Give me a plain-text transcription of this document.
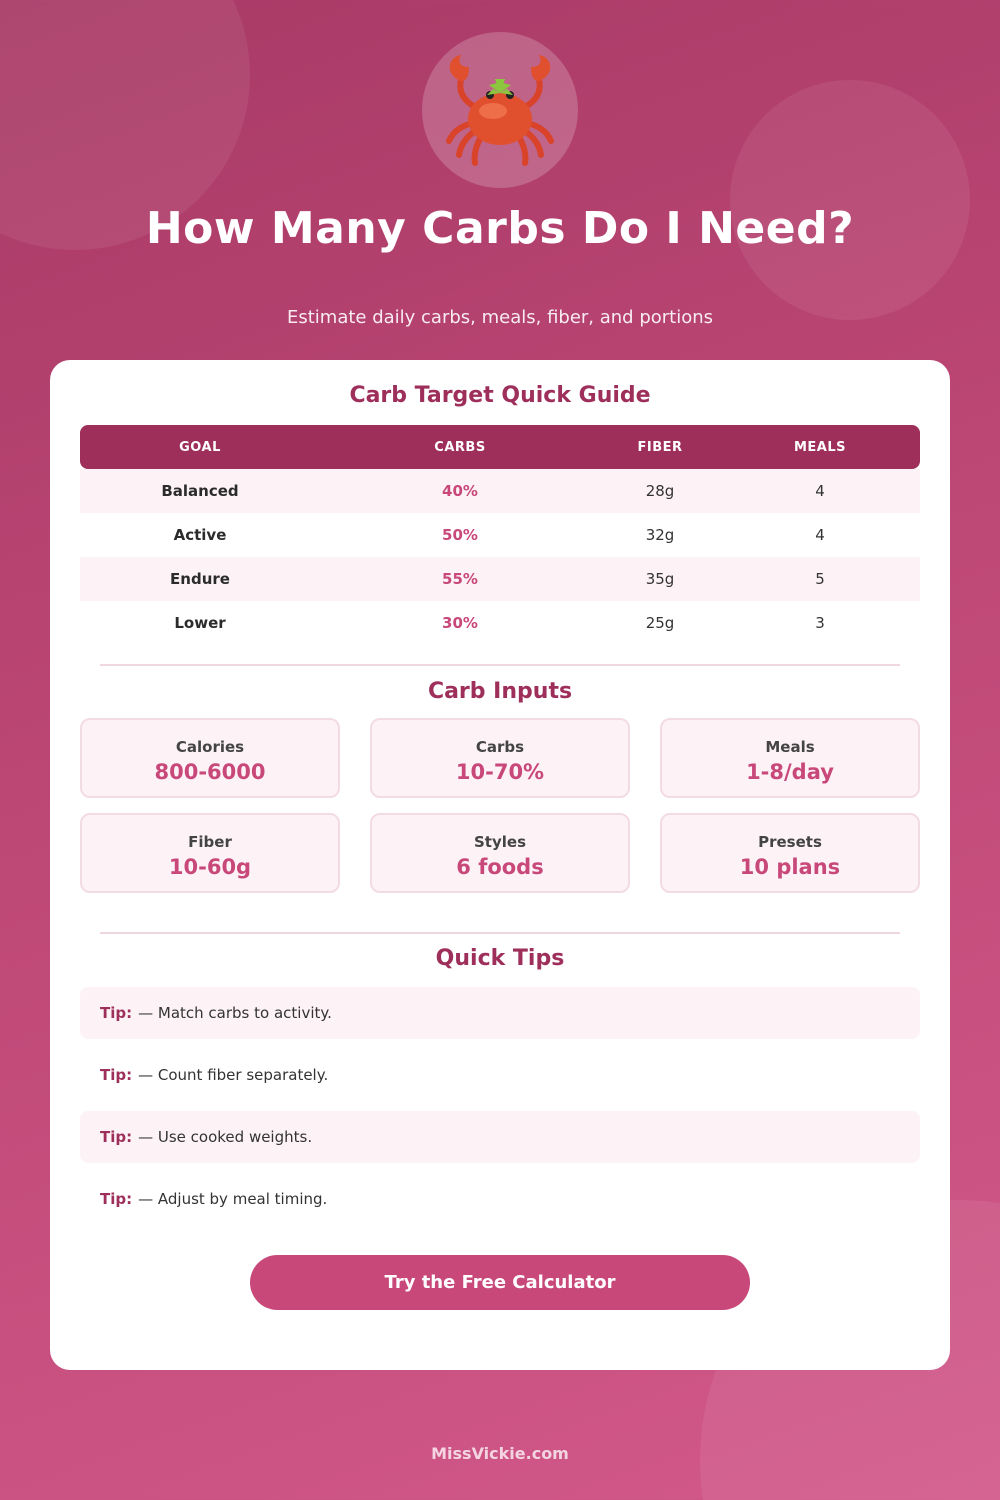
How Many Carbs Do I Need?
Estimate daily carbs, meals, fiber, and portions
Carb Target Quick Guide
GOAL	CARBS	FIBER	MEALS
Balanced	40%	28g	4
Active	50%	32g	4
Endure	55%	35g	5
Lower	30%	25g	3
Carb Inputs
Calories
800-6000
Carbs
10-70%
Meals
1-8/day
Fiber
10-60g
Styles
6 foods
Presets
10 plans
Quick Tips
Tip: — Match carbs to activity.
Tip: — Count fiber separately.
Tip: — Use cooked weights.
Tip: — Adjust by meal timing.
Try the Free Calculator
MissVickie.com
